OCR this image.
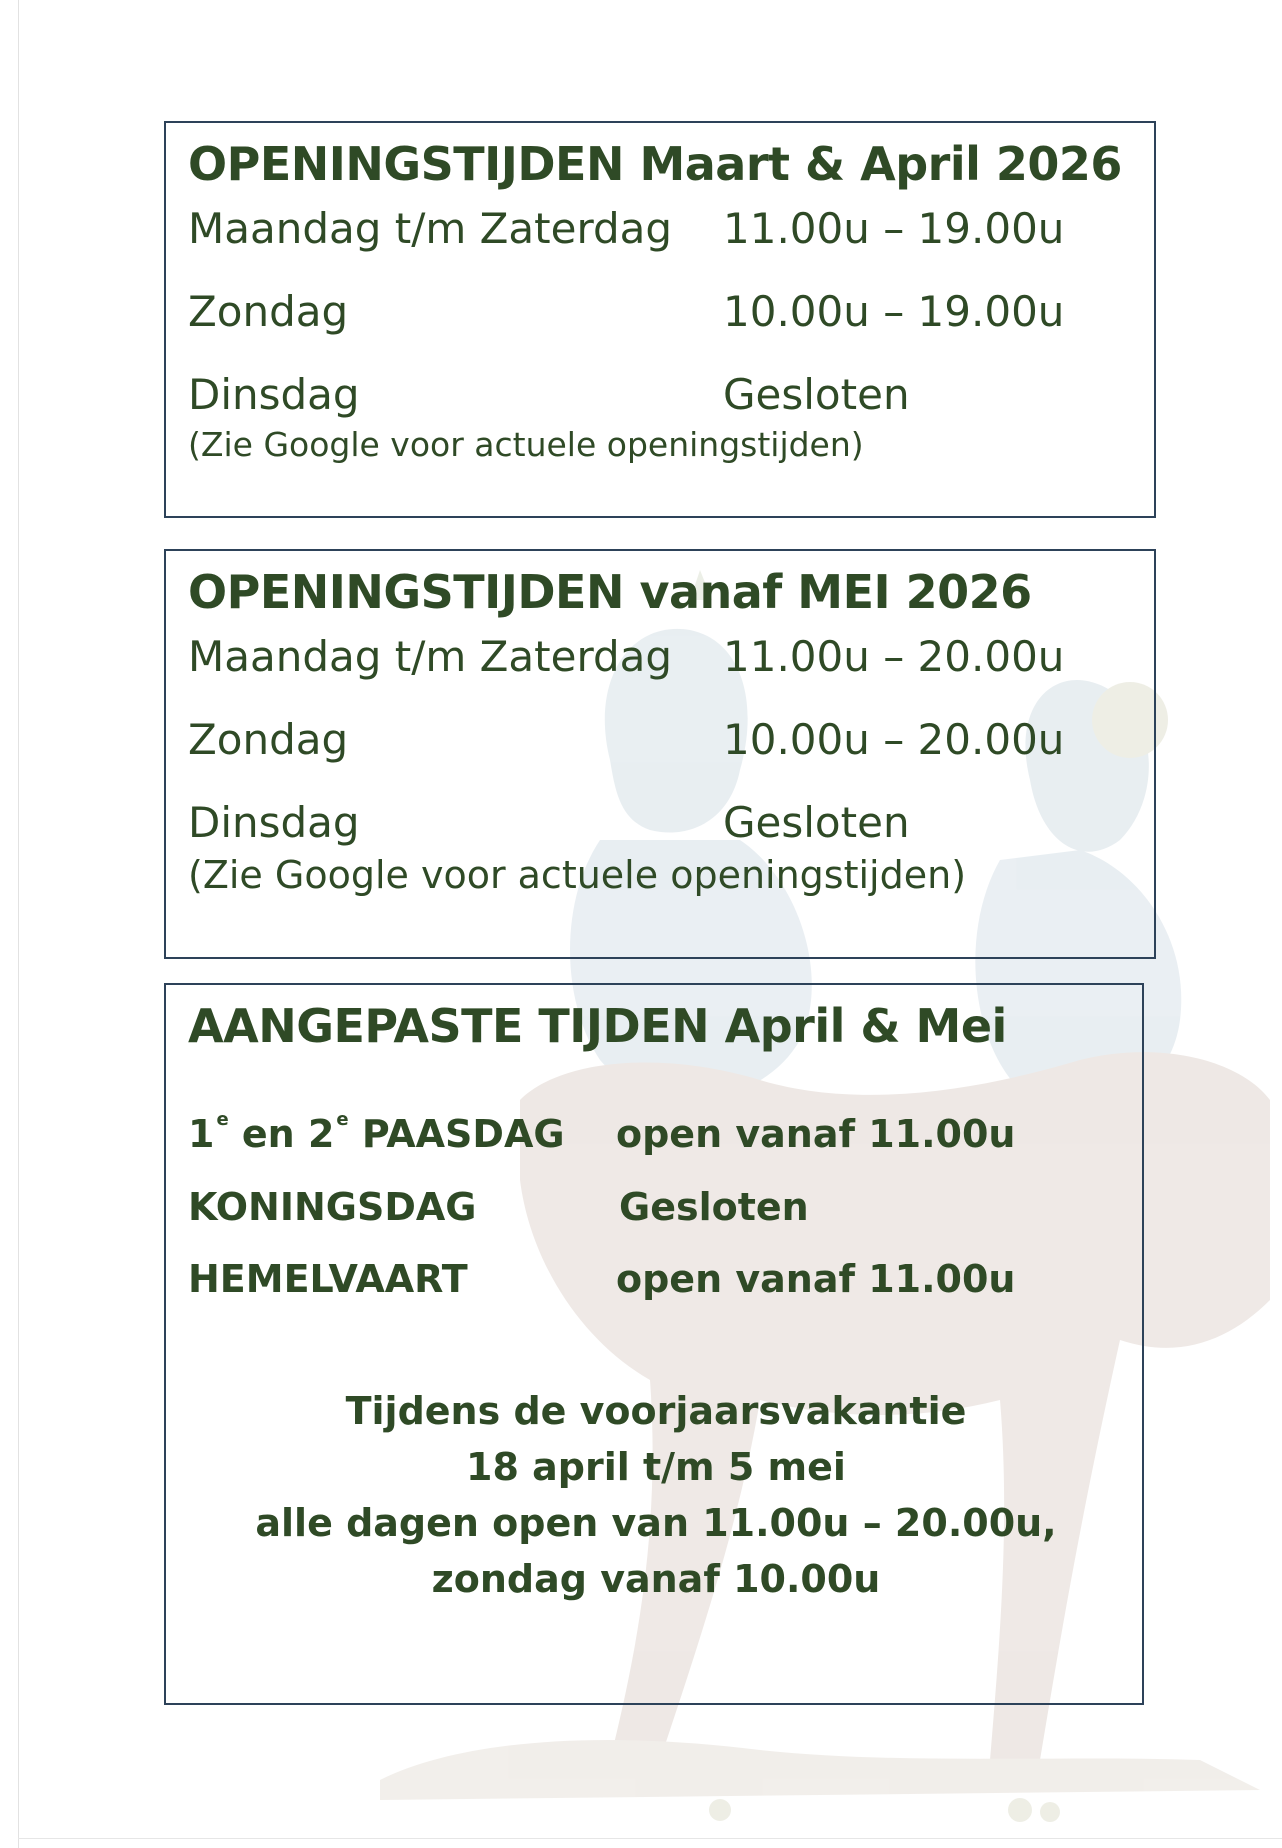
OPENINGSTIJDEN Maart & April 2026
Maandag t/m Zaterdag 11.00u – 19.00u
Zondag	10.00u – 19.00u
Dinsdag	Gesloten
(Zie Google voor actuele openingstijden)
OPENINGSTIJDEN vanaf MEI 2026
Maandag t/m Zaterdag 11.00u – 20.00u
Zondag	10.00u – 20.00u
Dinsdag	Gesloten
(Zie Google voor actuele openingstijden)
AANGEPASTE TIJDEN April & Mei
1 $^e$ en 2 $^e$ PAASDAG open vanaf 11.00u
KONINGSDAG	Gesloten
HEMELVAART	open vanaf 11.00u
Tijdens de voorjaarsvakantie
18 april t/m 5 mei
alle dagen open van 11.00u – 20.00u,
zondag vanaf 10.00u
